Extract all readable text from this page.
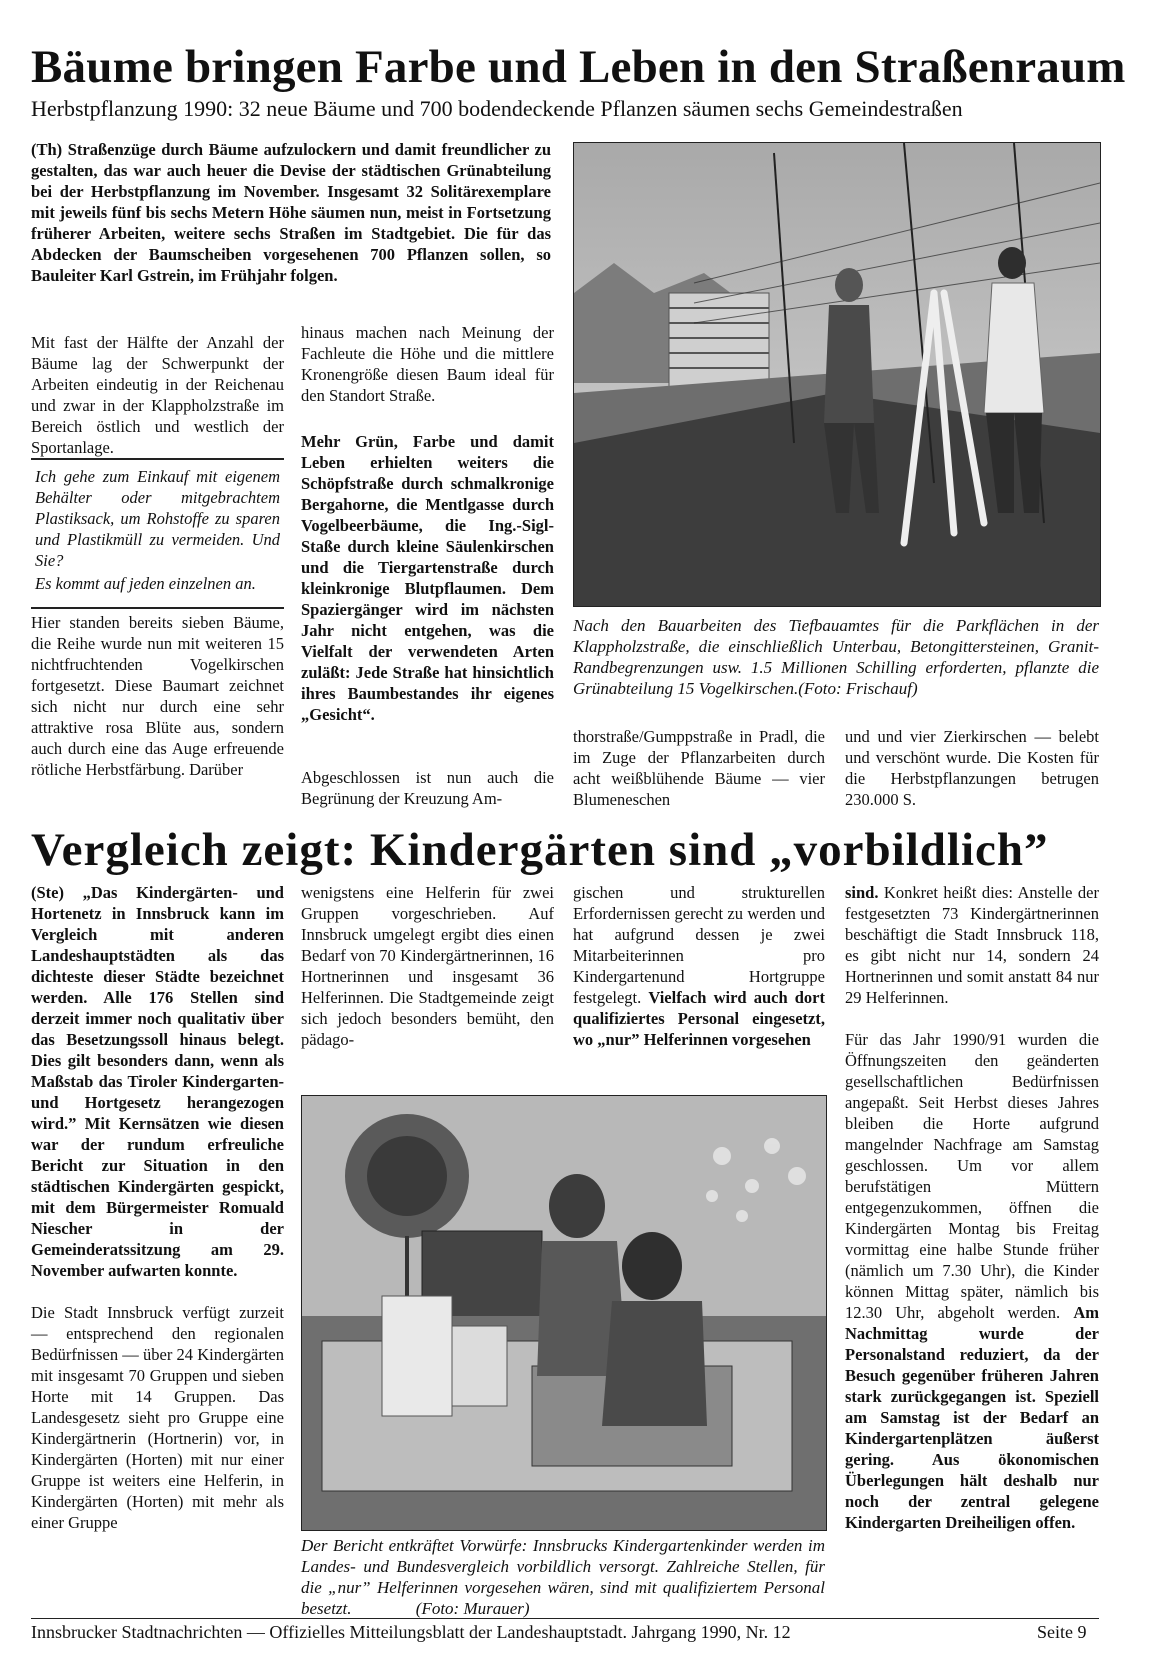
Bäume bringen Farbe und Leben in den Straßenraum
Herbstpflanzung 1990: 32 neue Bäume und 700 bodendeckende Pflanzen säumen sechs Gemeindestraßen

(Th) Straßenzüge durch Bäume aufzulockern und damit freundlicher zu gestalten, das war auch heuer die Devise der städtischen Grünabteilung bei der Herbstpflanzung im November. Insgesamt 32 Solitärexemplare mit jeweils fünf bis sechs Metern Höhe säumen nun, meist in Fortsetzung früherer Arbeiten, weitere sechs Straßen im Stadtgebiet. Die für das Abdecken der Baumscheiben vorgesehenen 700 Pflanzen sollen, so Bauleiter Karl Gstrein, im Frühjahr folgen.

Mit fast der Hälfte der Anzahl der Bäume lag der Schwerpunkt der Arbeiten eindeutig in der Reichenau und zwar in der Klappholzstraße im Bereich östlich und westlich der Sportanlage.

Ich gehe zum Einkauf mit eigenem Behälter oder mitgebrachtem Plastiksack, um Rohstoffe zu sparen und Plastikmüll zu vermeiden. Und Sie?

Es kommt auf jeden einzelnen an.

Hier standen bereits sieben Bäume, die Reihe wurde nun mit weiteren 15 nichtfruchtenden Vogelkirschen fortgesetzt. Diese Baumart zeichnet sich nicht nur durch eine sehr attraktive rosa Blüte aus, sondern auch durch eine das Auge erfreuende rötliche Herbstfärbung. Darüber

hinaus machen nach Meinung der Fachleute die Höhe und die mittlere Kronengröße diesen Baum ideal für den Standort Straße.

Mehr Grün, Farbe und damit Leben erhielten weiters die Schöpfstraße durch schmalkronige Bergahorne, die Mentlgasse durch Vogelbeerbäume, die Ing.-Sigl-Staße durch kleine Säulenkirschen und die Tiergartenstraße durch kleinkronige Blutpflaumen. Dem Spaziergänger wird im nächsten Jahr nicht entgehen, was die Vielfalt der verwendeten Arten zuläßt: Jede Straße hat hinsichtlich ihres Baumbestandes ihr eigenes „Gesicht“.

Abgeschlossen ist nun auch die Begrünung der Kreuzung Am-

Nach den Bauarbeiten des Tiefbauamtes für die Parkflächen in der Klappholzstraße, die einschließlich Unterbau, Betongittersteinen, Granit-Randbegrenzungen usw. 1.5 Millionen Schilling erforderten, pflanzte die Grünabteilung 15 Vogelkirschen.(Foto: Frischauf)

thorstraße/Gumppstraße in Pradl, die im Zuge der Pflanzarbeiten durch acht weißblühende Bäume — vier Blumeneschen

und und vier Zierkirschen — belebt und verschönt wurde. Die Kosten für die Herbstpflanzungen betrugen 230.000 S.

Vergleich zeigt: Kindergärten sind „vorbildlich”

(Ste) „Das Kindergärten- und Hortenetz in Innsbruck kann im Vergleich mit anderen Landeshauptstädten als das dichteste dieser Städte bezeichnet werden. Alle 176 Stellen sind derzeit immer noch qualitativ über das Besetzungssoll hinaus belegt. Dies gilt besonders dann, wenn als Maßstab das Tiroler Kindergarten- und Hortgesetz herangezogen wird.” Mit Kernsätzen wie diesen war der rundum erfreuliche Bericht zur Situation in den städtischen Kindergärten gespickt, mit dem Bürgermeister Romuald Niescher in der Gemeinderatssitzung am 29. November aufwarten konnte.

Die Stadt Innsbruck verfügt zurzeit — entsprechend den regionalen Bedürfnissen — über 24 Kindergärten mit insgesamt 70 Gruppen und sieben Horte mit 14 Gruppen. Das Landesgesetz sieht pro Gruppe eine Kindergärtnerin (Hortnerin) vor, in Kindergärten (Horten) mit nur einer Gruppe ist weiters eine Helferin, in Kindergärten (Horten) mit mehr als einer Gruppe

wenigstens eine Helferin für zwei Gruppen vorgeschrieben. Auf Innsbruck umgelegt ergibt dies einen Bedarf von 70 Kindergärtnerinnen, 16 Hortnerinnen und insgesamt 36 Helferinnen. Die Stadtgemeinde zeigt sich jedoch besonders bemüht, den pädago-

gischen und strukturellen Erfordernissen gerecht zu werden und hat aufgrund dessen je zwei Mitarbeiterinnen pro Kindergartenund Hortgruppe festgelegt. Vielfach wird auch dort qualifiziertes Personal eingesetzt, wo „nur” Helferinnen vorgesehen

sind. Konkret heißt dies: Anstelle der festgesetzten 73 Kindergärtnerinnen beschäftigt die Stadt Innsbruck 118, es gibt nicht nur 14, sondern 24 Hortnerinnen und somit anstatt 84 nur 29 Helferinnen.

Für das Jahr 1990/91 wurden die Öffnungszeiten den geänderten gesellschaftlichen Bedürfnissen angepaßt. Seit Herbst dieses Jahres bleiben die Horte aufgrund mangelnder Nachfrage am Samstag geschlossen. Um vor allem berufstätigen Müttern entgegenzukommen, öffnen die Kindergärten Montag bis Freitag vormittag eine halbe Stunde früher (nämlich um 7.30 Uhr), die Kinder können Mittag später, nämlich bis 12.30 Uhr, abgeholt werden. Am Nachmittag wurde der Personalstand reduziert, da der Besuch gegenüber früheren Jahren stark zurückgegangen ist. Speziell am Samstag ist der Bedarf an Kindergartenplätzen äußerst gering. Aus ökonomischen Überlegungen hält deshalb nur noch der zentral gelegene Kindergarten Dreiheiligen offen.

Der Bericht entkräftet Vorwürfe: Innsbrucks Kindergartenkinder werden im Landes- und Bundesvergleich vorbildlich versorgt. Zahlreiche Stellen, für die „nur” Helferinnen vorgesehen wären, sind mit qualifiziertem Personal besetzt.	(Foto: Murauer)

Innsbrucker Stadtnachrichten — Offizielles Mitteilungsblatt der Landeshauptstadt. Jahrgang 1990, Nr. 12	Seite 9
